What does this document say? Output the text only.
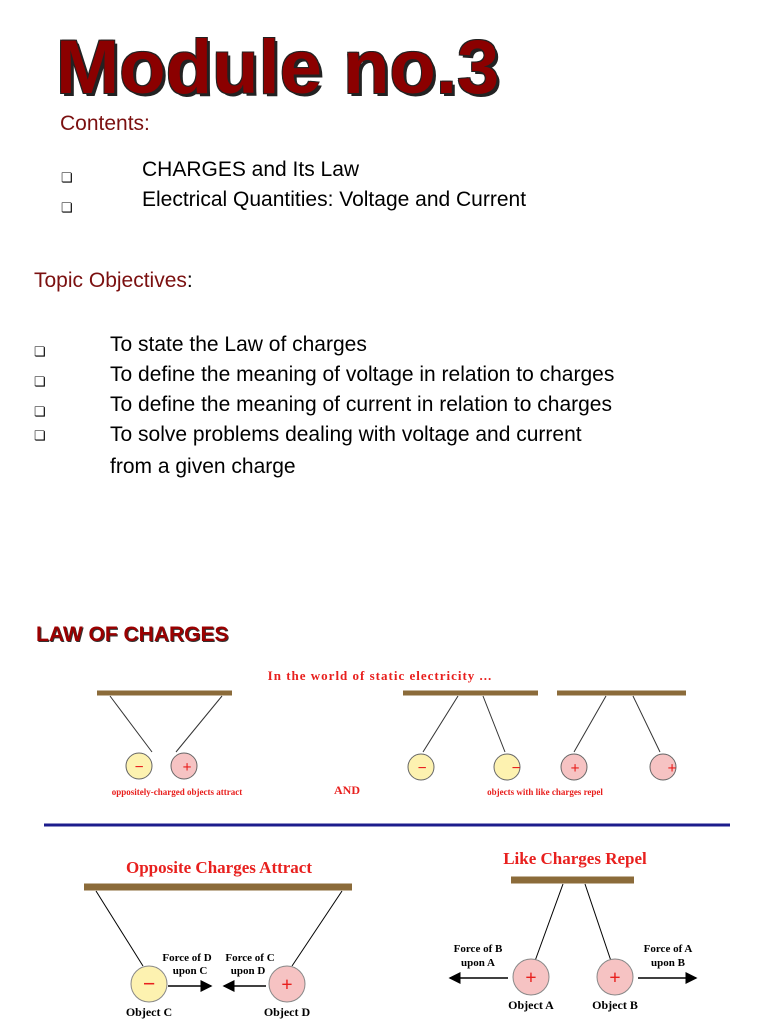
Module no.3
Contents:
❏	CHARGES and Its Law
❏	Electrical Quantities: Voltage and Current
Topic Objectives:
❏	To state the Law of charges
❏	To define the meaning of voltage in relation to charges
❏	To define the meaning of current in relation to charges
❏	To solve problems dealing with voltage and current
from a given charge
LAW OF CHARGES
In the world of static electricity ...
− +
oppositely-charged objects attract	AND
−	−	+	+
objects with like charges repel
Opposite Charges Attract
−	+
Force of D
upon C
Force of C
upon D
Object C	Object D
Like Charges Repel
+	+
Force of B
upon A
Force of A
upon B
Object A	Object B
